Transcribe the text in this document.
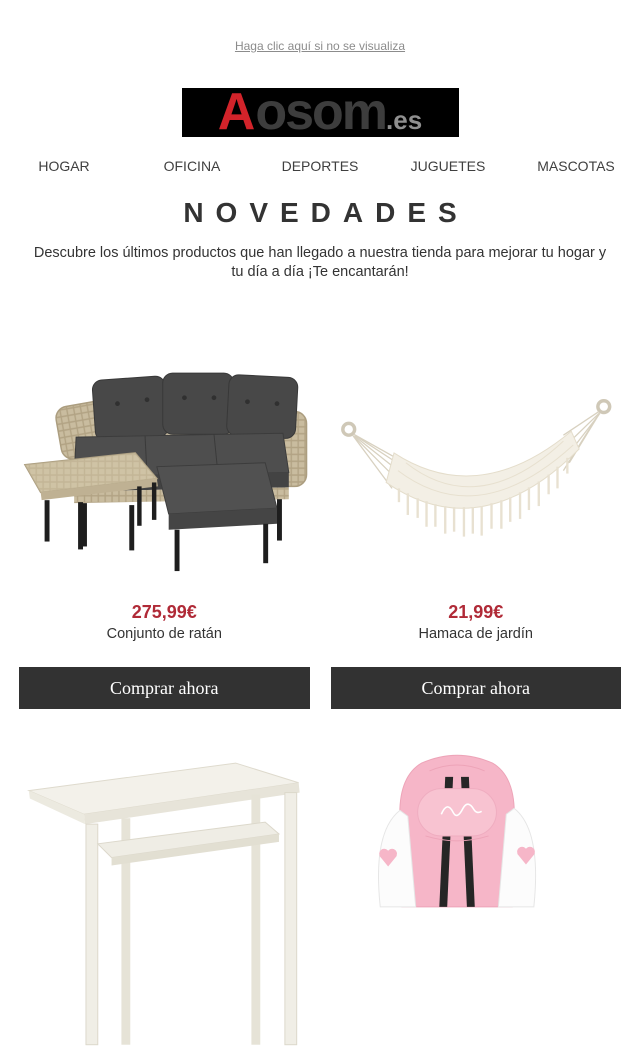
Haga clic aquí si no se visualiza
Aosom.es
HOGAR	OFICINA	DEPORTES	JUGUETES	MASCOTAS
NOVEDADES
Descubre los últimos productos que han llegado a nuestra tienda para mejorar tu hogar y tu día a día ¡Te encantarán!
275,99€
Conjunto de ratán
Comprar ahora
21,99€
Hamaca de jardín
Comprar ahora
